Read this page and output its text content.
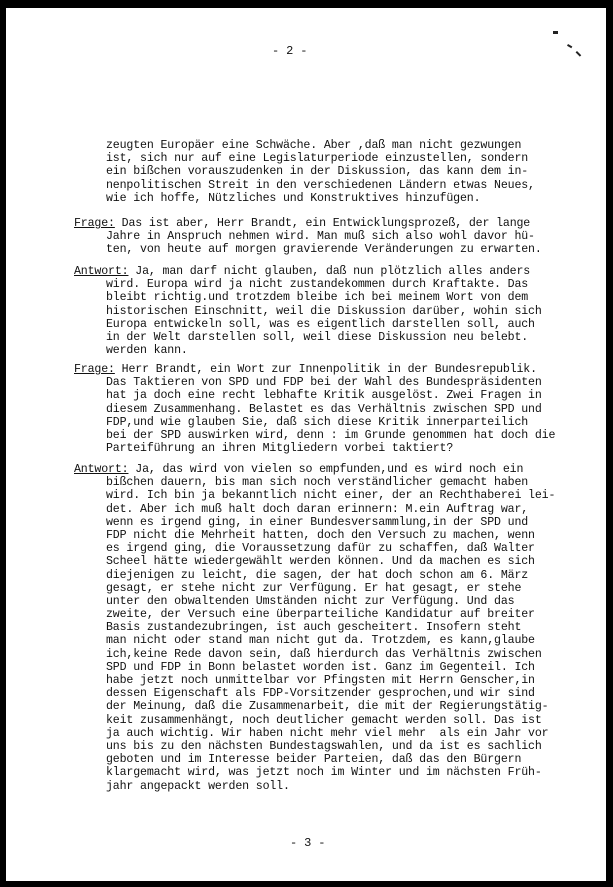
- 2 -
zeugten Europäer eine Schwäche. Aber ,daß man nicht gezwungen
ist, sich nur auf eine Legislaturperiode einzustellen, sondern
ein bißchen vorauszudenken in der Diskussion, das kann dem in-
nenpolitischen Streit in den verschiedenen Ländern etwas Neues,
wie ich hoffe, Nützliches und Konstruktives hinzufügen.
Frage: Das ist aber, Herr Brandt, ein Entwicklungsprozeß, der lange
Jahre in Anspruch nehmen wird. Man muß sich also wohl davor hü-
ten, von heute auf morgen gravierende Veränderungen zu erwarten.
Antwort: Ja, man darf nicht glauben, daß nun plötzlich alles anders
wird. Europa wird ja nicht zustandekommen durch Kraftakte. Das
bleibt richtig.und trotzdem bleibe ich bei meinem Wort von dem
historischen Einschnitt, weil die Diskussion darüber, wohin sich
Europa entwickeln soll, was es eigentlich darstellen soll, auch
in der Welt darstellen soll, weil diese Diskussion neu belebt.
werden kann.
Frage: Herr Brandt, ein Wort zur Innenpolitik in der Bundesrepublik.
Das Taktieren von SPD und FDP bei der Wahl des Bundespräsidenten
hat ja doch eine recht lebhafte Kritik ausgelöst. Zwei Fragen in
diesem Zusammenhang. Belastet es das Verhältnis zwischen SPD und
FDP,und wie glauben Sie, daß sich diese Kritik innerparteilich
bei der SPD auswirken wird, denn : im Grunde genommen hat doch die
Parteiführung an ihren Mitgliedern vorbei taktiert?
Antwort: Ja, das wird von vielen so empfunden,und es wird noch ein
bißchen dauern, bis man sich noch verständlicher gemacht haben
wird. Ich bin ja bekanntlich nicht einer, der an Rechthaberei lei-
det. Aber ich muß halt doch daran erinnern: M.ein Auftrag war,
wenn es irgend ging, in einer Bundesversammlung,in der SPD und
FDP nicht die Mehrheit hatten, doch den Versuch zu machen, wenn
es irgend ging, die Voraussetzung dafür zu schaffen, daß Walter
Scheel hätte wiedergewählt werden können. Und da machen es sich
diejenigen zu leicht, die sagen, der hat doch schon am 6. März
gesagt, er stehe nicht zur Verfügung. Er hat gesagt, er stehe
unter den obwaltenden Umständen nicht zur Verfügung. Und das
zweite, der Versuch eine überparteiliche Kandidatur auf breiter
Basis zustandezubringen, ist auch gescheitert. Insofern steht
man nicht oder stand man nicht gut da. Trotzdem, es kann,glaube
ich,keine Rede davon sein, daß hierdurch das Verhältnis zwischen
SPD und FDP in Bonn belastet worden ist. Ganz im Gegenteil. Ich
habe jetzt noch unmittelbar vor Pfingsten mit Herrn Genscher,in
dessen Eigenschaft als FDP-Vorsitzender gesprochen,und wir sind
der Meinung, daß die Zusammenarbeit, die mit der Regierungstätig-
keit zusammenhängt, noch deutlicher gemacht werden soll. Das ist
ja auch wichtig. Wir haben nicht mehr viel mehr  als ein Jahr vor
uns bis zu den nächsten Bundestagswahlen, und da ist es sachlich
geboten und im Interesse beider Parteien, daß das den Bürgern
klargemacht wird, was jetzt noch im Winter und im nächsten Früh-
jahr angepackt werden soll.
- 3 -
